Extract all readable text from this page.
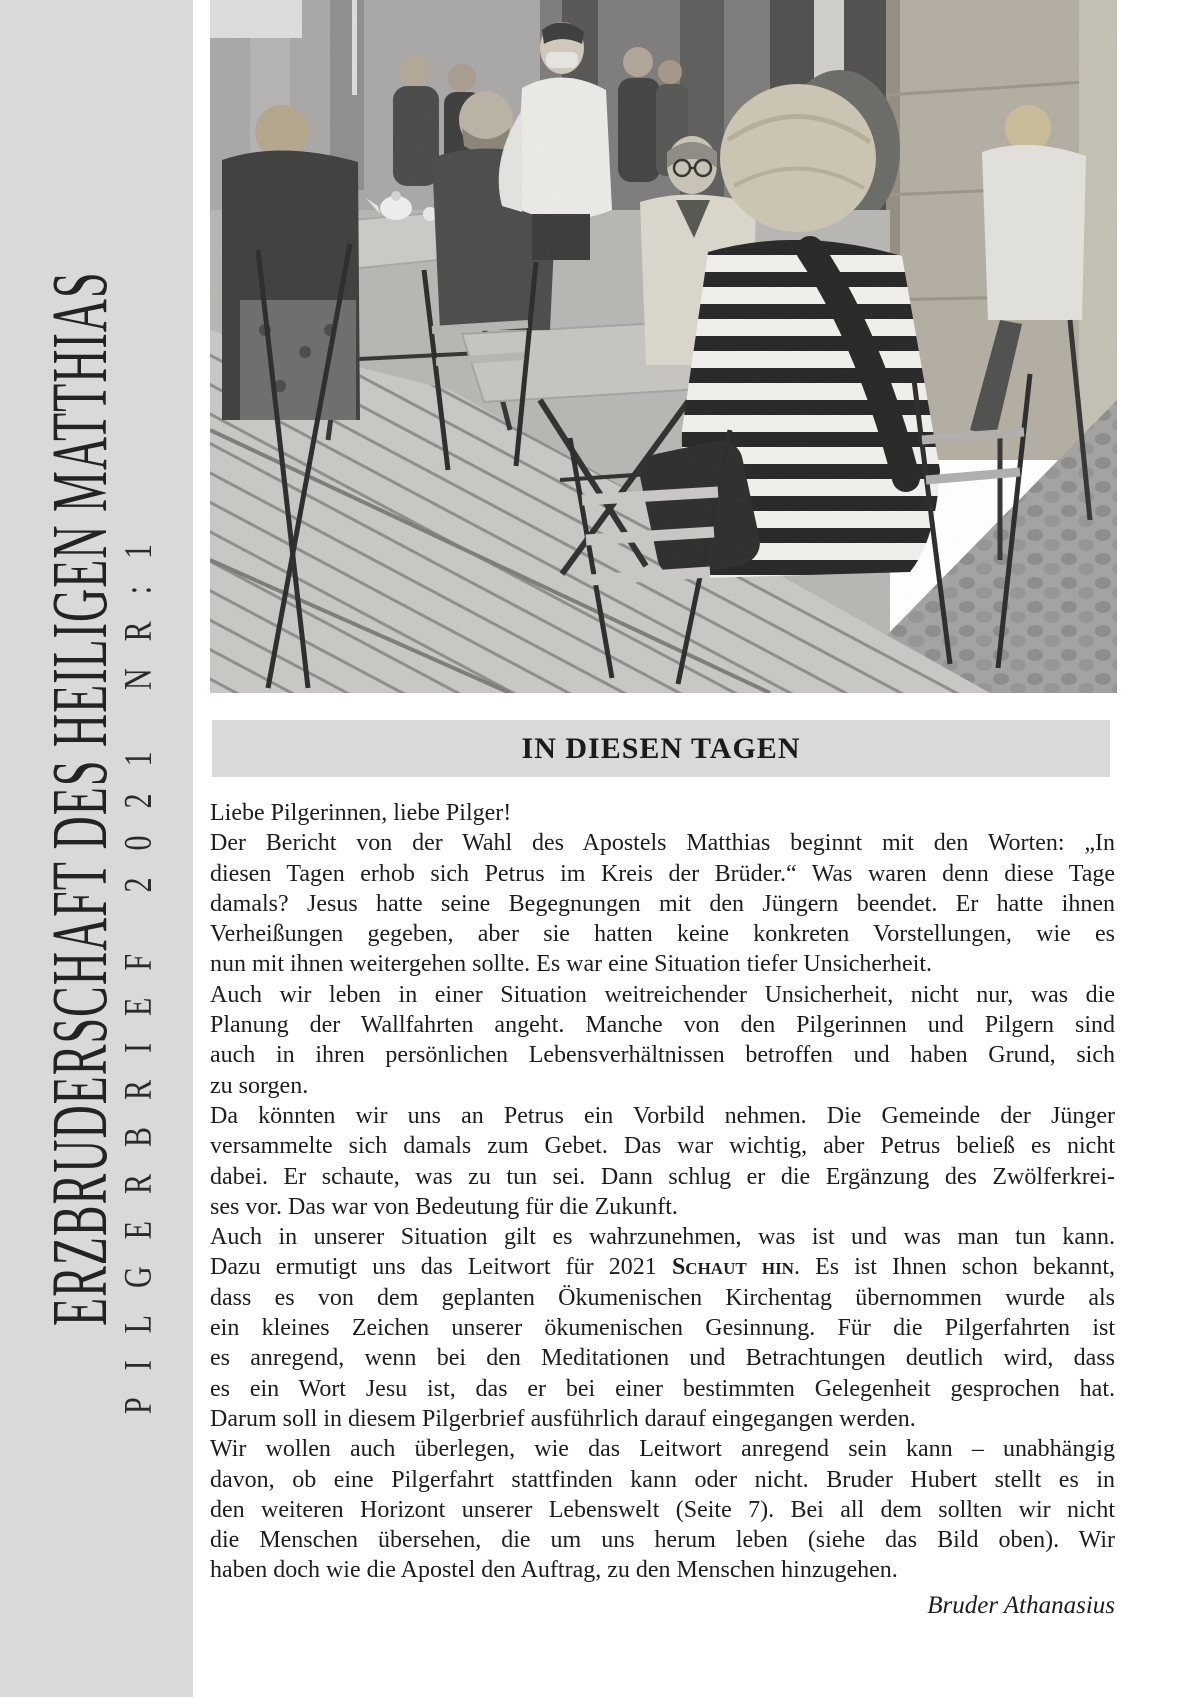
ERZBRUDERSCHAFT DES HEILIGEN MATTHIAS
PILGERBRIEF 2021 NR:1	IN DIESEN TAGEN
Liebe Pilgerinnen, liebe Pilger!
Der Bericht von der Wahl des Apostels Matthias beginnt mit den Worten: „In
diesen Tagen erhob sich Petrus im Kreis der Brüder.“ Was waren denn diese Tage
damals? Jesus hatte seine Begegnungen mit den Jüngern beendet. Er hatte ihnen
Verheißungen gegeben, aber sie hatten keine konkreten Vorstellungen, wie es
nun mit ihnen weitergehen sollte. Es war eine Situation tiefer Unsicherheit.
Auch wir leben in einer Situation weitreichender Unsicherheit, nicht nur, was die
Planung der Wallfahrten angeht. Manche von den Pilgerinnen und Pilgern sind
auch in ihren persönlichen Lebensverhältnissen betroffen und haben Grund, sich
zu sorgen.
Da könnten wir uns an Petrus ein Vorbild nehmen. Die Gemeinde der Jünger
versammelte sich damals zum Gebet. Das war wichtig, aber Petrus beließ es nicht
dabei. Er schaute, was zu tun sei. Dann schlug er die Ergänzung des Zwölferkrei-
ses vor. Das war von Bedeutung für die Zukunft.
Auch in unserer Situation gilt es wahrzunehmen, was ist und was man tun kann.
Dazu ermutigt uns das Leitwort für 2021 Schaut hin. Es ist Ihnen schon bekannt,
dass es von dem geplanten Ökumenischen Kirchentag übernommen wurde als
ein kleines Zeichen unserer ökumenischen Gesinnung. Für die Pilgerfahrten ist
es anregend, wenn bei den Meditationen und Betrachtungen deutlich wird, dass
es ein Wort Jesu ist, das er bei einer bestimmten Gelegenheit gesprochen hat.
Darum soll in diesem Pilgerbrief ausführlich darauf eingegangen werden.
Wir wollen auch überlegen, wie das Leitwort anregend sein kann – unabhängig
davon, ob eine Pilgerfahrt stattfinden kann oder nicht. Bruder Hubert stellt es in
den weiteren Horizont unserer Lebenswelt (Seite 7). Bei all dem sollten wir nicht
die Menschen übersehen, die um uns herum leben (siehe das Bild oben). Wir
haben doch wie die Apostel den Auftrag, zu den Menschen hinzugehen.
Bruder Athanasius
